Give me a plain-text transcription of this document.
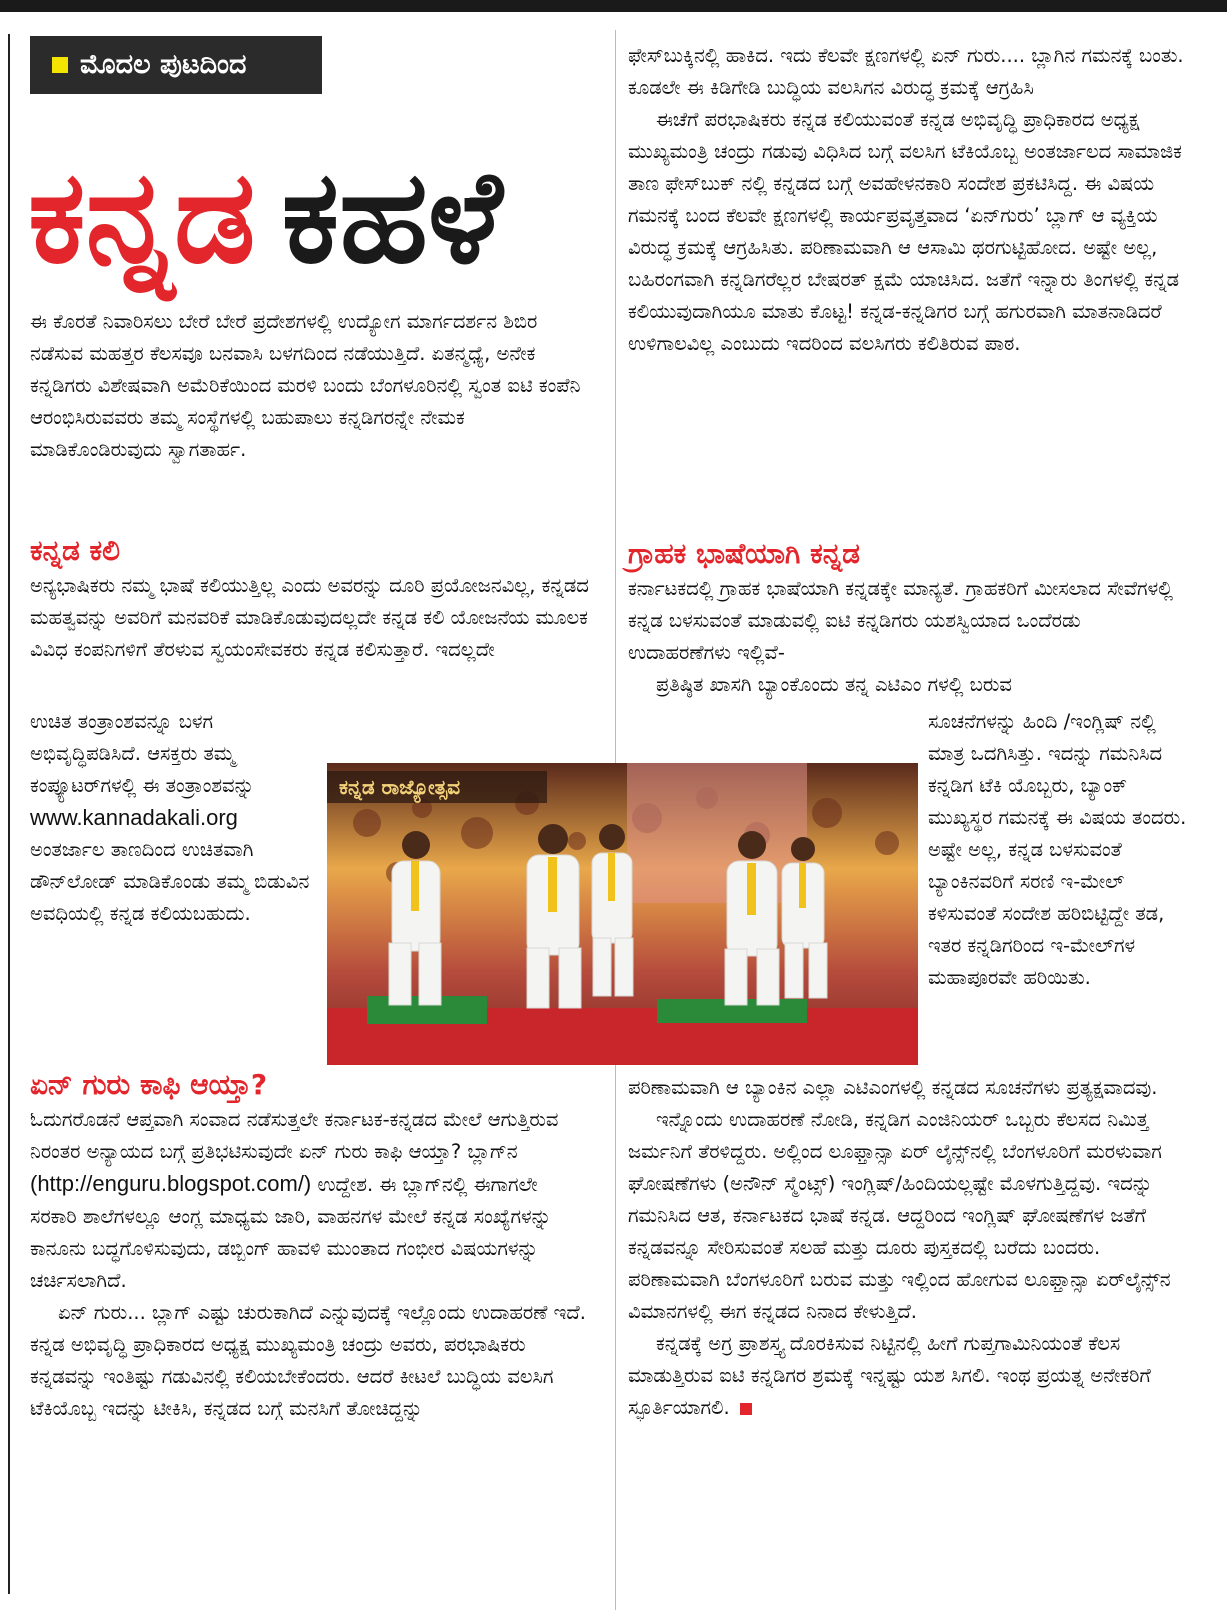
ಮೊದಲ ಪುಟದಿಂದ
ಕನ್ನಡ ಕಹಳೆ

ಈ ಕೊರತೆ ನಿವಾರಿಸಲು ಬೇರೆ ಬೇರೆ ಪ್ರದೇಶಗಳಲ್ಲಿ ಉದ್ಯೋಗ ಮಾರ್ಗದರ್ಶನ ಶಿಬಿರ ನಡೆಸುವ ಮಹತ್ತರ ಕೆಲಸವೂ ಬನವಾಸಿ ಬಳಗದಿಂದ ನಡೆಯುತ್ತಿದೆ. ಏತನ್ಮಧ್ಯೆ, ಅನೇಕ ಕನ್ನಡಿಗರು ವಿಶೇಷವಾಗಿ ಅಮೆರಿಕೆಯಿಂದ ಮರಳಿ ಬಂದು ಬೆಂಗಳೂರಿನಲ್ಲಿ ಸ್ವಂತ ಐಟಿ ಕಂಪೆನಿ ಆರಂಭಿಸಿರುವವರು ತಮ್ಮ ಸಂಸ್ಥೆಗಳಲ್ಲಿ ಬಹುಪಾಲು ಕನ್ನಡಿಗರನ್ನೇ ನೇಮಕ ಮಾಡಿಕೊಂಡಿರುವುದು ಸ್ವಾಗತಾರ್ಹ.

ಕನ್ನಡ ಕಲಿ

ಅನ್ಯಭಾಷಿಕರು ನಮ್ಮ ಭಾಷೆ ಕಲಿಯುತ್ತಿಲ್ಲ ಎಂದು ಅವರನ್ನು ದೂರಿ ಪ್ರಯೋಜನವಿಲ್ಲ, ಕನ್ನಡದ ಮಹತ್ವವನ್ನು ಅವರಿಗೆ ಮನವರಿಕೆ ಮಾಡಿಕೊಡುವುದಲ್ಲದೇ ಕನ್ನಡ ಕಲಿ ಯೋಜನೆಯ ಮೂಲಕ ವಿವಿಧ ಕಂಪನಿಗಳಿಗೆ ತೆರಳುವ ಸ್ವಯಂಸೇವಕರು ಕನ್ನಡ ಕಲಿಸುತ್ತಾರೆ. ಇದಲ್ಲದೇ

ಉಚಿತ ತಂತ್ರಾಂಶವನ್ನೂ ಬಳಗ ಅಭಿವೃದ್ಧಿಪಡಿಸಿದೆ. ಆಸಕ್ತರು ತಮ್ಮ ಕಂಪ್ಯೂಟರ್‌ಗಳಲ್ಲಿ ಈ ತಂತ್ರಾಂಶವನ್ನು

www.kannadakali.org

ಅಂತರ್ಜಾಲ ತಾಣದಿಂದ ಉಚಿತವಾಗಿ ಡೌನ್‌ಲೋಡ್ ಮಾಡಿಕೊಂಡು ತಮ್ಮ ಬಿಡುವಿನ ಅವಧಿಯಲ್ಲಿ ಕನ್ನಡ ಕಲಿಯಬಹುದು.

ಕನ್ನಡ ರಾಜ್ಯೋತ್ಸವ
ಏನ್ ಗುರು ಕಾಫಿ ಆಯ್ತಾ?

ಓದುಗರೊಡನೆ ಆಪ್ತವಾಗಿ ಸಂವಾದ ನಡೆಸುತ್ತಲೇ ಕರ್ನಾಟಕ-ಕನ್ನಡದ ಮೇಲೆ ಆಗುತ್ತಿರುವ ನಿರಂತರ ಅನ್ಯಾಯದ ಬಗ್ಗೆ ಪ್ರತಿಭಟಿಸುವುದೇ ಏನ್ ಗುರು ಕಾಫಿ ಆಯ್ತಾ? ಬ್ಲಾಗ್‌ನ
(http://enguru.blogspot.com/) ಉದ್ದೇಶ. ಈ ಬ್ಲಾಗ್‌ನಲ್ಲಿ ಈಗಾಗಲೇ ಸರಕಾರಿ ಶಾಲೆಗಳಲ್ಲೂ ಆಂಗ್ಲ ಮಾಧ್ಯಮ ಜಾರಿ, ವಾಹನಗಳ ಮೇಲೆ ಕನ್ನಡ ಸಂಖ್ಯೆಗಳನ್ನು ಕಾನೂನು ಬದ್ಧಗೊಳಿಸುವುದು, ಡಬ್ಬಿಂಗ್ ಹಾವಳಿ ಮುಂತಾದ ಗಂಭೀರ ವಿಷಯಗಳನ್ನು ಚರ್ಚಿಸಲಾಗಿದೆ.

ಏನ್ ಗುರು... ಬ್ಲಾಗ್ ಎಷ್ಟು ಚುರುಕಾಗಿದೆ ಎನ್ನುವುದಕ್ಕೆ ಇಲ್ಲೊಂದು ಉದಾಹರಣೆ ಇದೆ. ಕನ್ನಡ ಅಭಿವೃದ್ಧಿ ಪ್ರಾಧಿಕಾರದ ಅಧ್ಯಕ್ಷ ಮುಖ್ಯಮಂತ್ರಿ ಚಂದ್ರು ಅವರು, ಪರಭಾಷಿಕರು ಕನ್ನಡವನ್ನು ಇಂತಿಷ್ಟು ಗಡುವಿನಲ್ಲಿ ಕಲಿಯಬೇಕೆಂದರು. ಆದರೆ ಕೀಟಲೆ ಬುದ್ಧಿಯ ವಲಸಿಗ ಟೆಕಿಯೊಬ್ಬ ಇದನ್ನು ಟೀಕಿಸಿ, ಕನ್ನಡದ ಬಗ್ಗೆ ಮನಸಿಗೆ ತೋಚಿದ್ದನ್ನು

ಫೇಸ್‌ಬುಕ್ಕಿನಲ್ಲಿ ಹಾಕಿದ. ಇದು ಕೆಲವೇ ಕ್ಷಣಗಳಲ್ಲಿ ಏನ್ ಗುರು.... ಬ್ಲಾಗಿನ ಗಮನಕ್ಕೆ ಬಂತು. ಕೂಡಲೇ ಈ ಕಿಡಿಗೇಡಿ ಬುದ್ಧಿಯ ವಲಸಿಗನ ವಿರುದ್ಧ ಕ್ರಮಕ್ಕೆ ಆಗ್ರಹಿಸಿ

ಈಚೆಗೆ ಪರಭಾಷಿಕರು ಕನ್ನಡ ಕಲಿಯುವಂತೆ ಕನ್ನಡ ಅಭಿವೃದ್ಧಿ ಪ್ರಾಧಿಕಾರದ ಅಧ್ಯಕ್ಷ ಮುಖ್ಯಮಂತ್ರಿ ಚಂದ್ರು ಗಡುವು ವಿಧಿಸಿದ ಬಗ್ಗೆ ವಲಸಿಗ ಟೆಕಿಯೊಬ್ಬ ಅಂತರ್ಜಾಲದ ಸಾಮಾಜಿಕ ತಾಣ ಫೇಸ್‌ಬುಕ್ ನಲ್ಲಿ ಕನ್ನಡದ ಬಗ್ಗೆ ಅವಹೇಳನಕಾರಿ ಸಂದೇಶ ಪ್ರಕಟಿಸಿದ್ದ. ಈ ವಿಷಯ ಗಮನಕ್ಕೆ ಬಂದ ಕೆಲವೇ ಕ್ಷಣಗಳಲ್ಲಿ ಕಾರ್ಯಪ್ರವೃತ್ತವಾದ ‘ಏನ್‌ಗುರು’ ಬ್ಲಾಗ್ ಆ ವ್ಯಕ್ತಿಯ ವಿರುದ್ಧ ಕ್ರಮಕ್ಕೆ ಆಗ್ರಹಿಸಿತು. ಪರಿಣಾಮವಾಗಿ ಆ ಆಸಾಮಿ ಥರಗುಟ್ಟಿಹೋದ. ಅಷ್ಟೇ ಅಲ್ಲ, ಬಹಿರಂಗವಾಗಿ ಕನ್ನಡಿಗರೆಲ್ಲರ ಬೇಷರತ್ ಕ್ಷಮೆ ಯಾಚಿಸಿದ. ಜತೆಗೆ ಇನ್ನಾರು ತಿಂಗಳಲ್ಲಿ ಕನ್ನಡ ಕಲಿಯುವುದಾಗಿಯೂ ಮಾತು ಕೊಟ್ಟ! ಕನ್ನಡ-ಕನ್ನಡಿಗರ ಬಗ್ಗೆ ಹಗುರವಾಗಿ ಮಾತನಾಡಿದರೆ ಉಳಿಗಾಲವಿಲ್ಲ ಎಂಬುದು ಇದರಿಂದ ವಲಸಿಗರು ಕಲಿತಿರುವ ಪಾಠ.

ಗ್ರಾಹಕ ಭಾಷೆಯಾಗಿ ಕನ್ನಡ

ಕರ್ನಾಟಕದಲ್ಲಿ ಗ್ರಾಹಕ ಭಾಷೆಯಾಗಿ ಕನ್ನಡಕ್ಕೇ ಮಾನ್ಯತೆ. ಗ್ರಾಹಕರಿಗೆ ಮೀಸಲಾದ ಸೇವೆಗಳಲ್ಲಿ ಕನ್ನಡ ಬಳಸುವಂತೆ ಮಾಡುವಲ್ಲಿ ಐಟಿ ಕನ್ನಡಿಗರು ಯಶಸ್ವಿಯಾದ ಒಂದೆರಡು ಉದಾಹರಣೆಗಳು ಇಲ್ಲಿವೆ-

ಪ್ರತಿಷ್ಠಿತ ಖಾಸಗಿ ಬ್ಯಾಂಕೊಂದು ತನ್ನ ಎಟಿಎಂ ಗಳಲ್ಲಿ ಬರುವ

ಸೂಚನೆಗಳನ್ನು ಹಿಂದಿ /ಇಂಗ್ಲಿಷ್ ನಲ್ಲಿ ಮಾತ್ರ ಒದಗಿಸಿತ್ತು. ಇದನ್ನು ಗಮನಿಸಿದ ಕನ್ನಡಿಗ ಟೆಕಿ ಯೊಬ್ಬರು, ಬ್ಯಾಂಕ್ ಮುಖ್ಯಸ್ಥರ ಗಮನಕ್ಕೆ ಈ ವಿಷಯ ತಂದರು. ಅಷ್ಟೇ ಅಲ್ಲ, ಕನ್ನಡ ಬಳಸುವಂತೆ ಬ್ಯಾಂಕಿನವರಿಗೆ ಸರಣಿ ಇ-ಮೇಲ್ ಕಳಿಸುವಂತೆ ಸಂದೇಶ ಹರಿಬಿಟ್ಟಿದ್ದೇ ತಡ, ಇತರ ಕನ್ನಡಿಗರಿಂದ ಇ-ಮೇಲ್‌ಗಳ ಮಹಾಪೂರವೇ ಹರಿಯಿತು.

ಪರಿಣಾಮವಾಗಿ ಆ ಬ್ಯಾಂಕಿನ ಎಲ್ಲಾ ಎಟಿಎಂಗಳಲ್ಲಿ ಕನ್ನಡದ ಸೂಚನೆಗಳು ಪ್ರತ್ಯಕ್ಷವಾದವು.

ಇನ್ನೊಂದು ಉದಾಹರಣೆ ನೋಡಿ, ಕನ್ನಡಿಗ ಎಂಜಿನಿಯರ್ ಒಬ್ಬರು ಕೆಲಸದ ನಿಮಿತ್ತ ಜರ್ಮನಿಗೆ ತೆರಳಿದ್ದರು. ಅಲ್ಲಿಂದ ಲೂಫ್ತಾನ್ಸಾ ಏರ್ ಲೈನ್ಸ್‌ನಲ್ಲಿ ಬೆಂಗಳೂರಿಗೆ ಮರಳುವಾಗ ಘೋಷಣೆಗಳು (ಅನೌನ್ ಸ್ಮೆಂಟ್ಸ್) ಇಂಗ್ಲಿಷ್/ಹಿಂದಿಯಲ್ಲಷ್ಟೇ ಮೊಳಗುತ್ತಿದ್ದವು. ಇದನ್ನು ಗಮನಿಸಿದ ಆತ, ಕರ್ನಾಟಕದ ಭಾಷೆ ಕನ್ನಡ. ಆದ್ದರಿಂದ ಇಂಗ್ಲಿಷ್ ಘೋಷಣೆಗಳ ಜತೆಗೆ ಕನ್ನಡವನ್ನೂ ಸೇರಿಸುವಂತೆ ಸಲಹೆ ಮತ್ತು ದೂರು ಪುಸ್ತಕದಲ್ಲಿ ಬರೆದು ಬಂದರು. ಪರಿಣಾಮವಾಗಿ ಬೆಂಗಳೂರಿಗೆ ಬರುವ ಮತ್ತು ಇಲ್ಲಿಂದ ಹೋಗುವ ಲೂಫ್ತಾನ್ಸಾ ಏರ್‌ಲೈನ್ಸ್‌ನ ವಿಮಾನಗಳಲ್ಲಿ ಈಗ ಕನ್ನಡದ ನಿನಾದ ಕೇಳುತ್ತಿದೆ.

ಕನ್ನಡಕ್ಕೆ ಅಗ್ರ ಪ್ರಾಶಸ್ತ್ಯ ದೊರಕಿಸುವ ನಿಟ್ಟಿನಲ್ಲಿ ಹೀಗೆ ಗುಪ್ತಗಾಮಿನಿಯಂತೆ ಕೆಲಸ ಮಾಡುತ್ತಿರುವ ಐಟಿ ಕನ್ನಡಿಗರ ಶ್ರಮಕ್ಕೆ ಇನ್ನಷ್ಟು ಯಶ ಸಿಗಲಿ. ಇಂಥ ಪ್ರಯತ್ನ ಅನೇಕರಿಗೆ ಸ್ಫೂರ್ತಿಯಾಗಲಿ.
